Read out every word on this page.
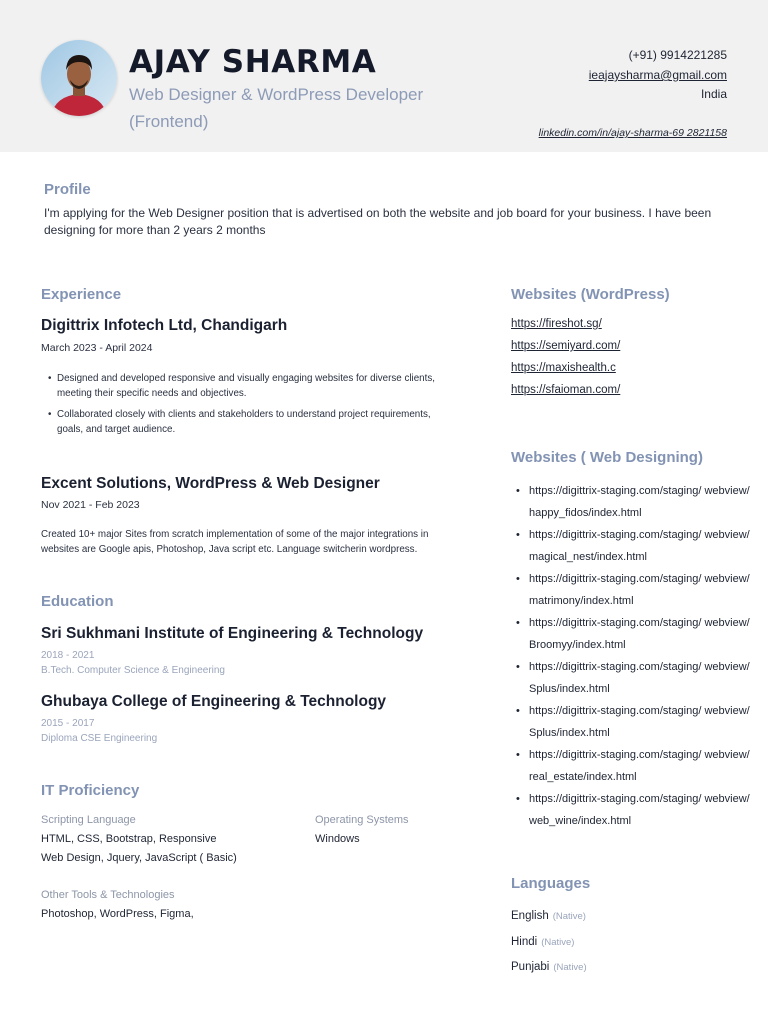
AJAY SHARMA
Web Designer & WordPress Developer
(Frontend)
(+91) 9914221285
ieajaysharma@gmail.com
India
linkedin.com/in/ajay-sharma-69 2821158
Profile
I'm applying for the Web Designer position that is advertised on both the website and job board for your business. I have been designing for more than 2 years 2 months
Experience
Digittrix Infotech Ltd, Chandigarh
March 2023 - April 2024
• Designed and developed responsive and visually engaging websites for diverse clients, meeting their specific needs and objectives.
• Collaborated closely with clients and stakeholders to understand project requirements, goals, and target audience.
Excent Solutions, WordPress & Web Designer
Nov 2021 - Feb 2023
Created 10+ major Sites from scratch implementation of some of the major integrations in websites are Google apis, Photoshop, Java script etc. Language switcherin wordpress.
Education
Sri Sukhmani Institute of Engineering & Technology
2018 - 2021
B.Tech. Computer Science & Engineering
Ghubaya College of Engineering & Technology
2015 - 2017
Diploma CSE Engineering
IT Proficiency
Scripting Language
HTML, CSS, Bootstrap, Responsive
Web Design, Jquery, JavaScript ( Basic)
Operating Systems
Windows
Other Tools & Technologies
Photoshop, WordPress, Figma,
Websites (WordPress)
https://fireshot.sg/
https://semiyard.com/
https://maxishealth.c
https://sfaioman.com/
Websites ( Web Designing)
• https://digittrix-staging.com/staging/ webview/happy_fidos/index.html
• https://digittrix-staging.com/staging/ webview/magical_nest/index.html
• https://digittrix-staging.com/staging/ webview/matrimony/index.html
• https://digittrix-staging.com/staging/ webview/Broomyy/index.html
• https://digittrix-staging.com/staging/ webview/Splus/index.html
• https://digittrix-staging.com/staging/ webview/Splus/index.html
• https://digittrix-staging.com/staging/ webview/real_estate/index.html
• https://digittrix-staging.com/staging/ webview/web_wine/index.html
Languages
English (Native)
Hindi (Native)
Punjabi (Native)
